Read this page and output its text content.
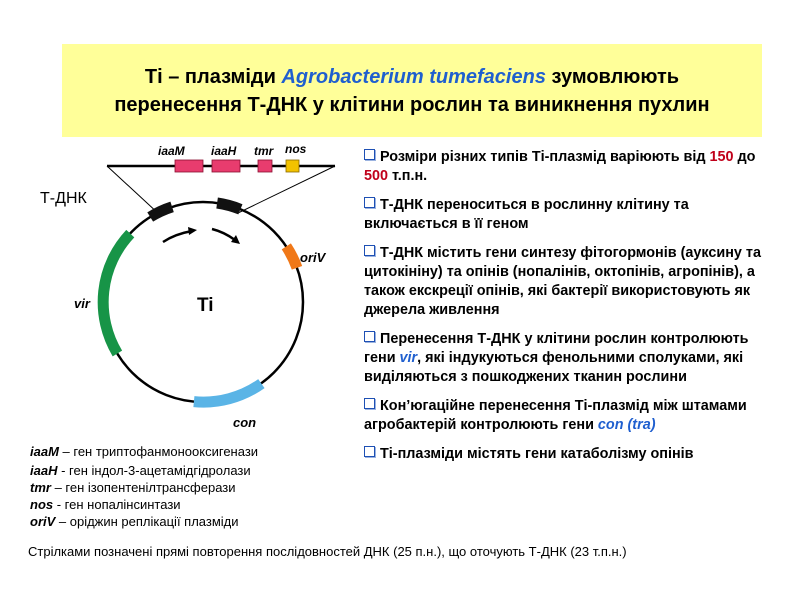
Ті – плазміди Agrobacterium tumefaciens зумовлюють
перенесення Т-ДНК у клітини рослин та виникнення пухлин
iaaM iaaH tmr nos
Т-ДНК
Ti
vir
oriV
con
iaaM – ген триптофанмонооксигенази
iaaH - ген індол-3-ацетамідгідролази
tmr – ген ізопентенілтрансферази
nos - ген нопалінсинтази
oriV – оріджин реплікації плазміди
Розміри різних типів Ті-плазмід варіюють від 150 до 500 т.п.н.
Т-ДНК переноситься в рослинну клітину та включається в її геном
Т-ДНК містить гени синтезу фітогормонів (ауксину та цитокініну) та опінів (нопалінів, октопінів, агропінів), а також екскреції опінів, які бактерії використовують як джерела живлення
Перенесення Т-ДНК у клітини рослин контролюють гени vir, які індукуються фенольними сполуками, які виділяються з пошкоджених тканин рослини
Кон’югаційне перенесення Ті-плазмід між штамами агробактерій контролюють гени con (tra)
Ті-плазміди містять гени катаболізму опінів
Стрілками позначені прямі повторення послідовностей ДНК (25 п.н.), що оточують Т-ДНК (23 т.п.н.)
